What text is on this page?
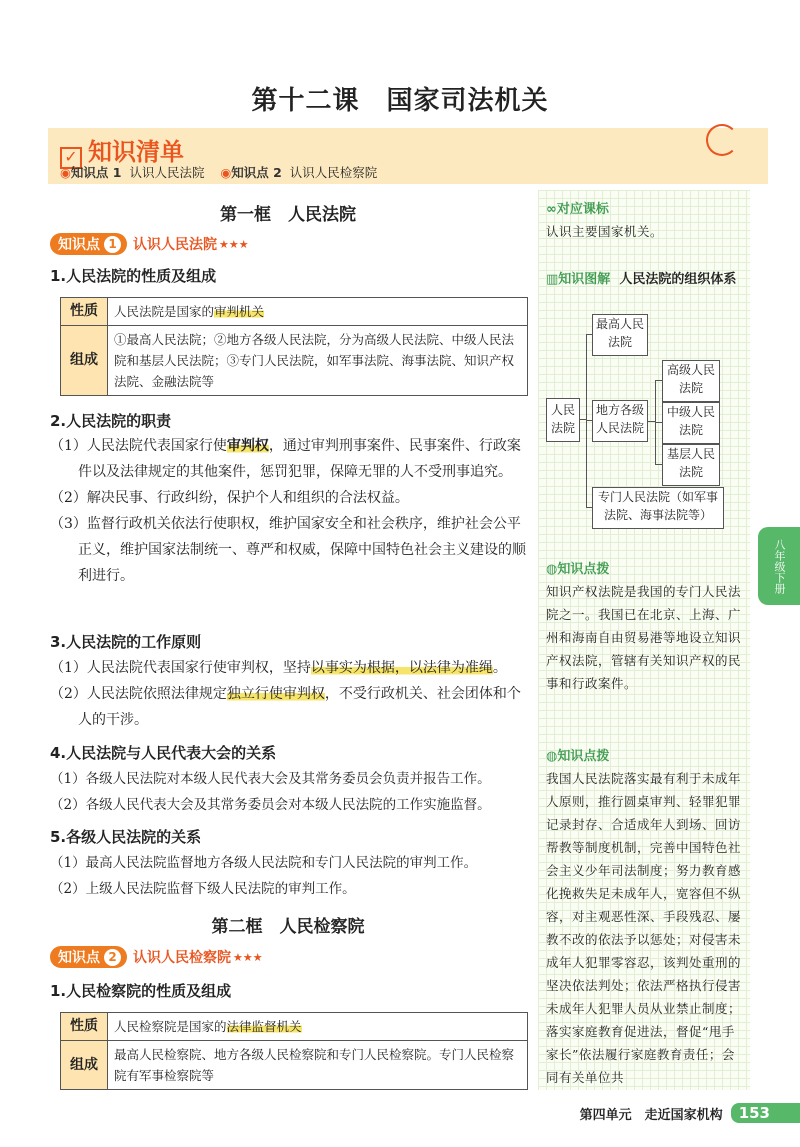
第十二课　国家司法机关
✓ 知识清单
◉知识点 1 认识人民法院 ◉知识点 2 认识人民检察院
第一框　人民法院
知识点 1	认识人民法院 ★★★
1.人民法院的性质及组成
性质	人民法院是国家的审判机关
组成	①最高人民法院；②地方各级人民法院，分为高级人民法院、中级人民法院和基层人民法院；③专门人民法院，如军事法院、海事法院、知识产权法院、金融法院等
2.人民法院的职责
（1）人民法院代表国家行使审判权，通过审判刑事案件、民事案件、行政案件以及法律规定的其他案件，惩罚犯罪，保障无罪的人不受刑事追究。
（2）解决民事、行政纠纷，保护个人和组织的合法权益。
（3）监督行政机关依法行使职权，维护国家安全和社会秩序，维护社会公平正义，维护国家法制统一、尊严和权威，保障中国特色社会主义建设的顺利进行。
3.人民法院的工作原则
（1）人民法院代表国家行使审判权，坚持以事实为根据，以法律为准绳。
（2）人民法院依照法律规定独立行使审判权，不受行政机关、社会团体和个人的干涉。
4.人民法院与人民代表大会的关系
（1）各级人民法院对本级人民代表大会及其常务委员会负责并报告工作。
（2）各级人民代表大会及其常务委员会对本级人民法院的工作实施监督。
5.各级人民法院的关系
（1）最高人民法院监督地方各级人民法院和专门人民法院的审判工作。
（2）上级人民法院监督下级人民法院的审判工作。
第二框　人民检察院
知识点 2	认识人民检察院 ★★★
1.人民检察院的性质及组成
性质	人民检察院是国家的法律监督机关
组成	最高人民检察院、地方各级人民检察院和专门人民检察院。专门人民检察院有军事检察院等
∞对应课标
认识主要国家机关。
▥知识图解 人民法院的组织体系
人民法院
最高人民法院
地方各级人民法院
高级人民法院
中级人民法院
基层人民法院
专门人民法院（如军事法院、海事法院等）
◍知识点拨
知识产权法院是我国的专门人民法院之一。我国已在北京、上海、广州和海南自由贸易港等地设立知识产权法院，管辖有关知识产权的民事和行政案件。
◍知识点拨
我国人民法院落实最有利于未成年人原则，推行圆桌审判、轻罪犯罪记录封存、合适成年人到场、回访帮教等制度机制，完善中国特色社会主义少年司法制度；努力教育感化挽救失足未成年人，宽容但不纵容，对主观恶性深、手段残忍、屡教不改的依法予以惩处；对侵害未成年人犯罪零容忍，该判处重刑的坚决依法判处；依法严格执行侵害未成年人犯罪人员从业禁止制度；落实家庭教育促进法，督促“甩手家长”依法履行家庭教育责任；会同有关单位共
八年级下册
第四单元　走近国家机构	153
